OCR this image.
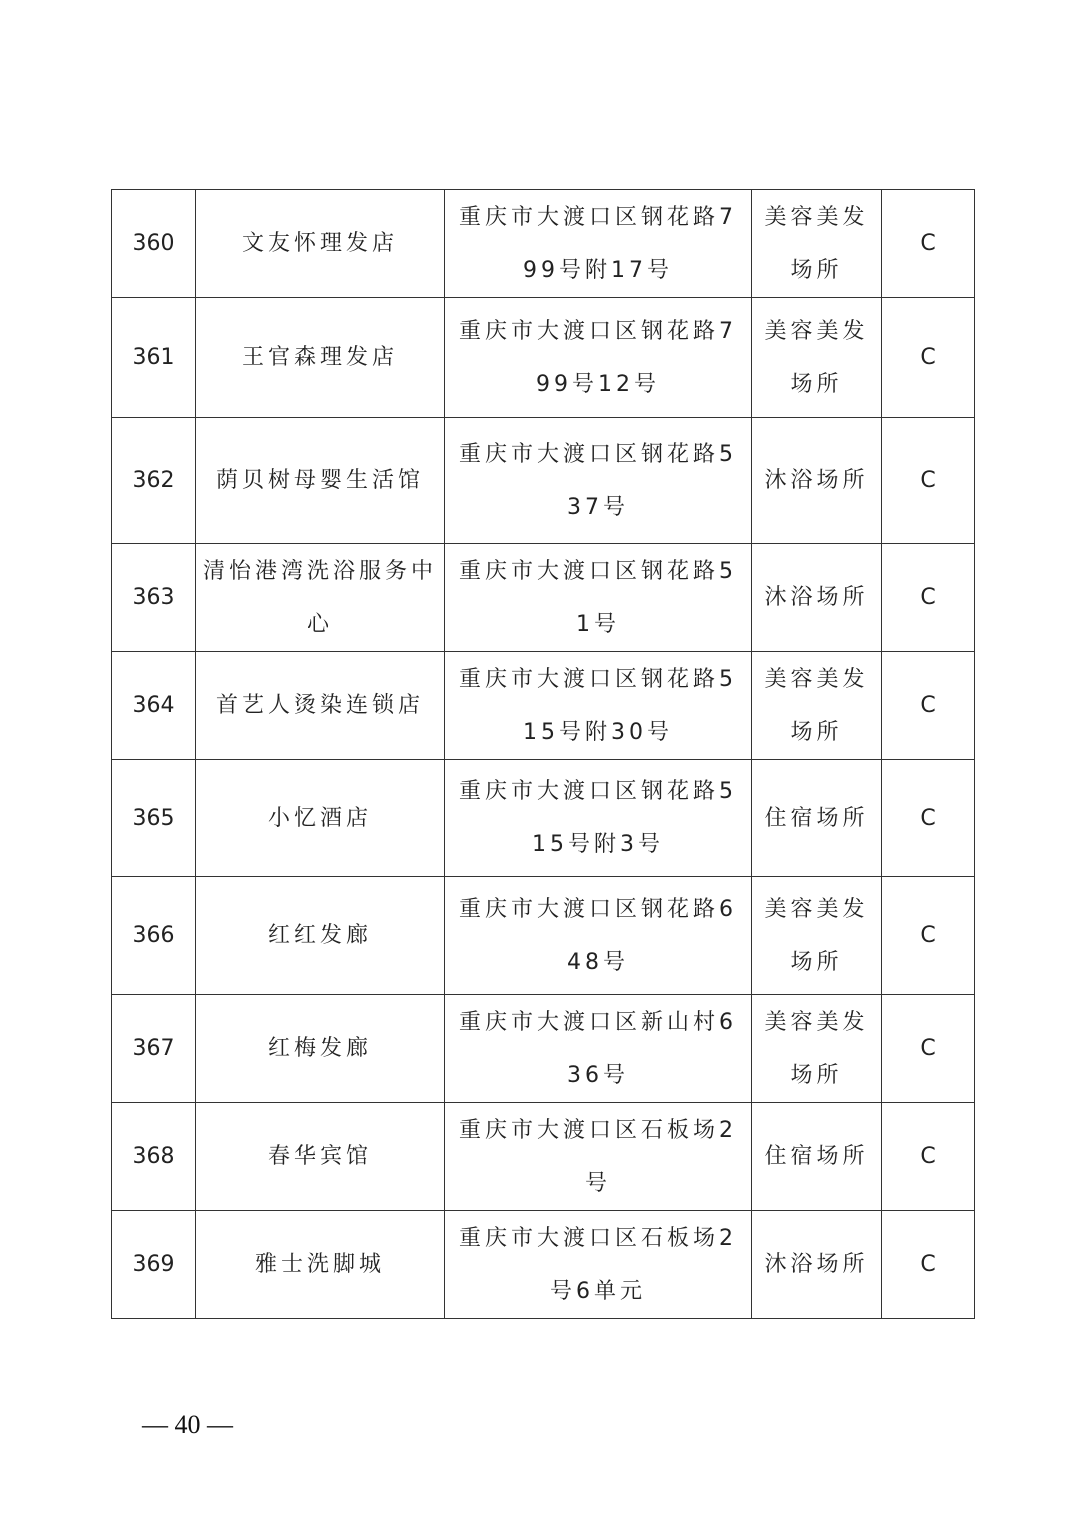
360	文友怀理发店	重庆市大渡口区钢花路799号附17号	美容美发场所	C
361	王官森理发店	重庆市大渡口区钢花路799号12号	美容美发场所	C
362	荫贝树母婴生活馆	重庆市大渡口区钢花路537号	沐浴场所	C
363	清怡港湾洗浴服务中心	重庆市大渡口区钢花路51号	沐浴场所	C
364	首艺人烫染连锁店	重庆市大渡口区钢花路515号附30号	美容美发场所	C
365	小忆酒店	重庆市大渡口区钢花路515号附3号	住宿场所	C
366	红红发廊	重庆市大渡口区钢花路648号	美容美发场所	C
367	红梅发廊	重庆市大渡口区新山村636号	美容美发场所	C
368	春华宾馆	重庆市大渡口区石板场2号	住宿场所	C
369	雅士洗脚城	重庆市大渡口区石板场2号6单元	沐浴场所	C
— 40 —
